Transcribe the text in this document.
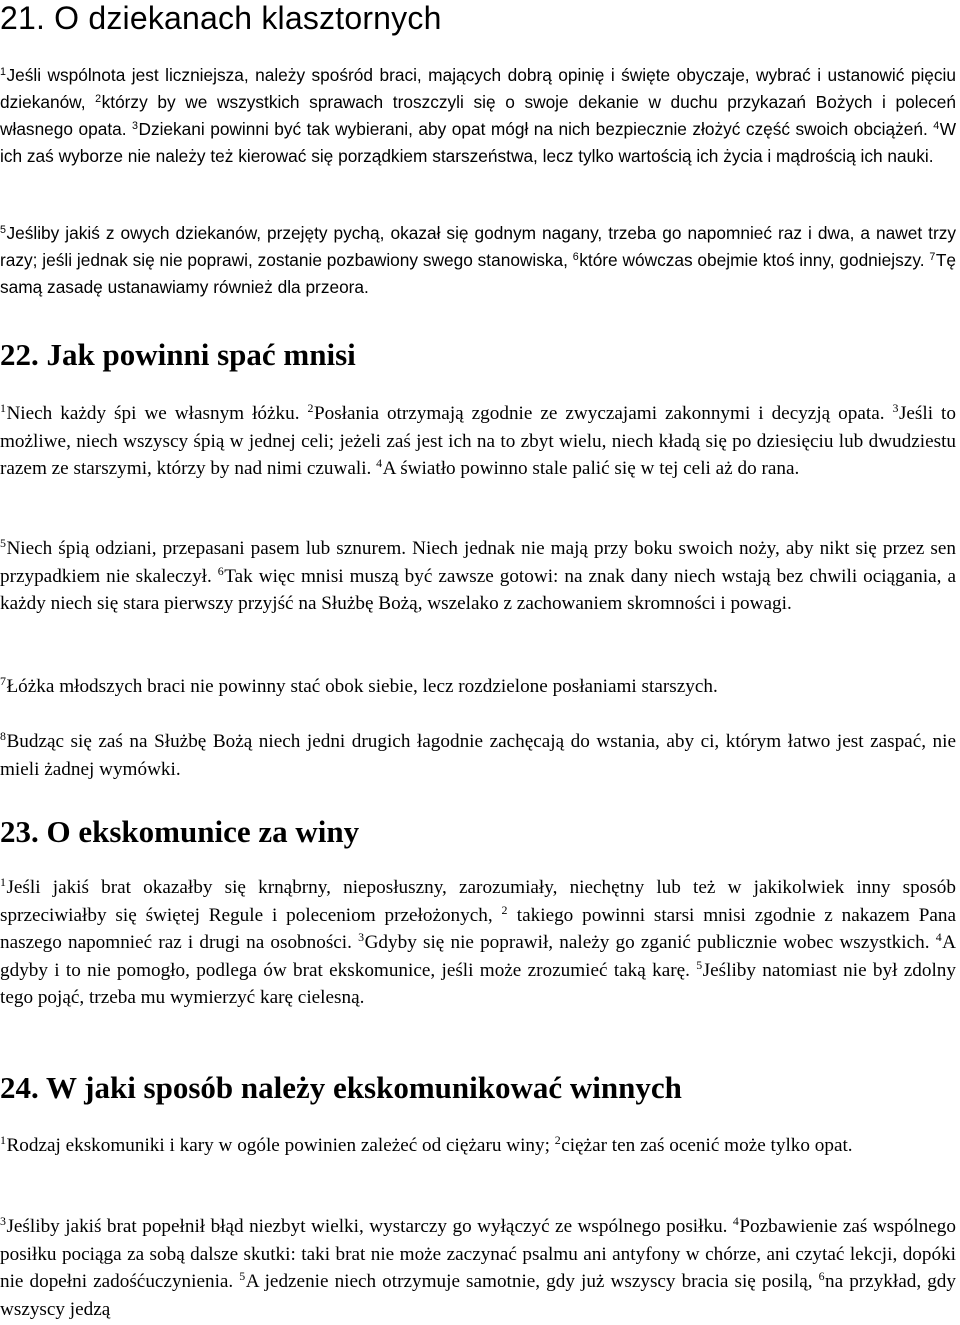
21. O dziekanach klasztornych

$^1$Jeśli wspólnota jest liczniejsza, należy spośród braci, mających dobrą opinię i święte obyczaje, wybrać i ustanowić pięciu dziekanów, $^2$którzy by we wszystkich sprawach troszczyli się o swoje dekanie w duchu przykazań Bożych i poleceń własnego opata. $^3$Dziekani powinni być tak wybierani, aby opat mógł na nich bezpiecznie złożyć część swoich obciążeń. $^4$W ich zaś wyborze nie należy też kierować się porządkiem starszeństwa, lecz tylko wartością ich życia i mądrością ich nauki.

$^5$Jeśliby jakiś z owych dziekanów, przejęty pychą, okazał się godnym nagany, trzeba go napomnieć raz i dwa, a nawet trzy razy; jeśli jednak się nie poprawi, zostanie pozbawiony swego stanowiska, $^6$które wówczas obejmie ktoś inny, godniejszy. $^7$Tę samą zasadę ustanawiamy również dla przeora.

22. Jak powinni spać mnisi

$^1$Niech każdy śpi we własnym łóżku. $^2$Posłania otrzymają zgodnie ze zwyczajami zakonnymi i decyzją opata. $^3$Jeśli to możliwe, niech wszyscy śpią w jednej celi; jeżeli zaś jest ich na to zbyt wielu, niech kładą się po dziesięciu lub dwudziestu razem ze starszymi, którzy by nad nimi czuwali. $^4$A światło powinno stale palić się w tej celi aż do rana.

$^5$Niech śpią odziani, przepasani pasem lub sznurem. Niech jednak nie mają przy boku swoich noży, aby nikt się przez sen przypadkiem nie skaleczył. $^6$Tak więc mnisi muszą być zawsze gotowi: na znak dany niech wstają bez chwili ociągania, a każdy niech się stara pierwszy przyjść na Służbę Bożą, wszelako z zachowaniem skromności i powagi.

$^7$Łóżka młodszych braci nie powinny stać obok siebie, lecz rozdzielone posłaniami starszych.

$^8$Budząc się zaś na Służbę Bożą niech jedni drugich łagodnie zachęcają do wstania, aby ci, którym łatwo jest zaspać, nie mieli żadnej wymówki.

23. O ekskomunice za winy

$^1$Jeśli jakiś brat okazałby się krnąbrny, nieposłuszny, zarozumiały, niechętny lub też w jakikolwiek inny sposób sprzeciwiałby się świętej Regule i poleceniom przełożonych, $^2$ takiego powinni starsi mnisi zgodnie z nakazem Pana naszego napomnieć raz i drugi na osobności. $^3$Gdyby się nie poprawił, należy go zganić publicznie wobec wszystkich. $^4$A gdyby i to nie pomogło, podlega ów brat ekskomunice, jeśli może zrozumieć taką karę. $^5$Jeśliby natomiast nie był zdolny tego pojąć, trzeba mu wymierzyć karę cielesną.

24. W jaki sposób należy ekskomunikować winnych

$^1$Rodzaj ekskomuniki i kary w ogóle powinien zależeć od ciężaru winy; $^2$ciężar ten zaś ocenić może tylko opat.

$^3$Jeśliby jakiś brat popełnił błąd niezbyt wielki, wystarczy go wyłączyć ze wspólnego posiłku. $^4$Pozbawienie zaś wspólnego posiłku pociąga za sobą dalsze skutki: taki brat nie może zaczynać psalmu ani antyfony w chórze, ani czytać lekcji, dopóki nie dopełni zadośćuczynienia. $^5$A jedzenie niech otrzymuje samotnie, gdy już wszyscy bracia się posilą, $^6$na przykład, gdy wszyscy jedzą
